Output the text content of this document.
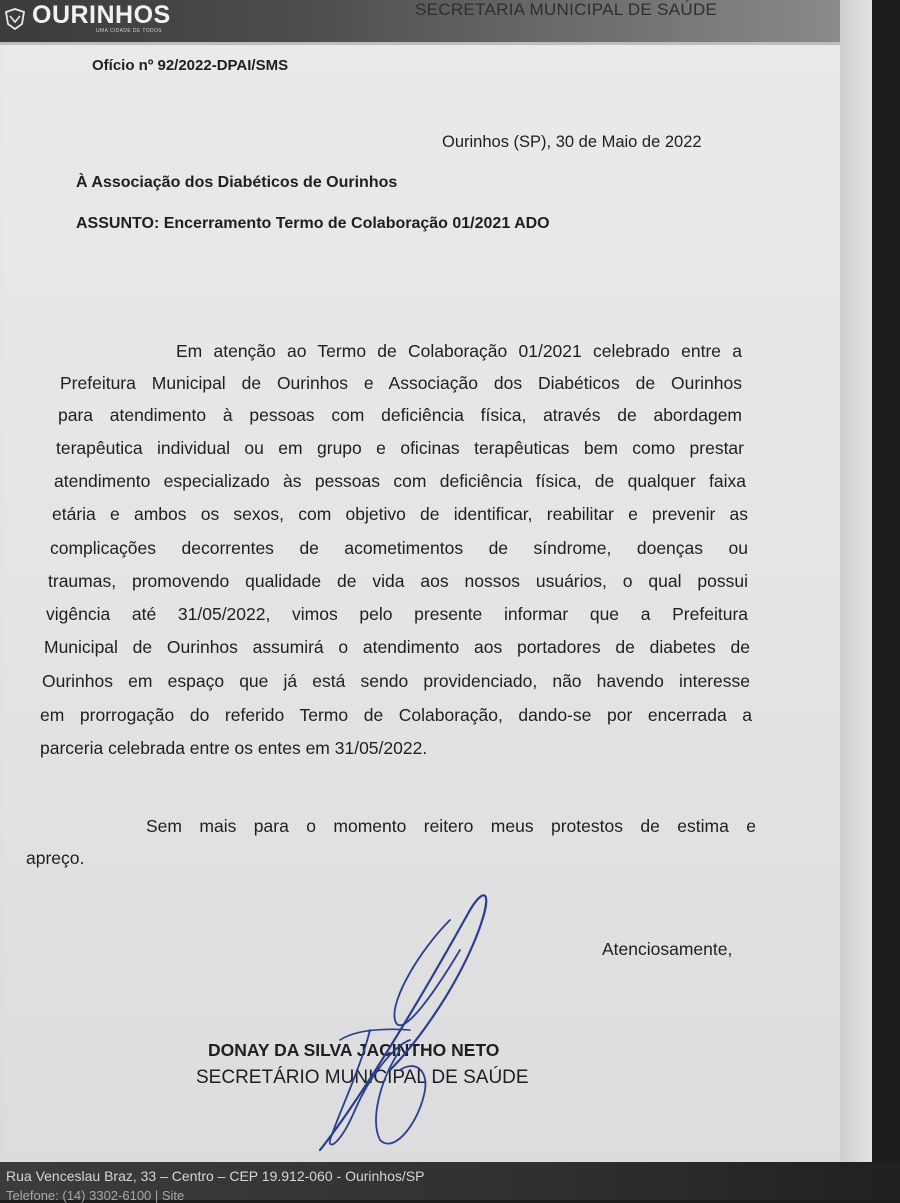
OURINHOS
UMA CIDADE DE TODOS
SECRETARIA MUNICIPAL DE SAÚDE
Ofício nº 92/2022-DPAI/SMS
Ourinhos (SP), 30 de Maio de 2022
À Associação dos Diabéticos de Ourinhos
ASSUNTO: Encerramento Termo de Colaboração 01/2021 ADO
Em atenção ao Termo de Colaboração 01/2021 celebrado entre a
Prefeitura Municipal de Ourinhos e Associação dos Diabéticos de Ourinhos
para atendimento à pessoas com deficiência física, através de abordagem
terapêutica individual ou em grupo e oficinas terapêuticas bem como prestar
atendimento especializado às pessoas com deficiência física, de qualquer faixa
etária e ambos os sexos, com objetivo de identificar, reabilitar e prevenir as
complicações decorrentes de acometimentos de síndrome, doenças ou
traumas, promovendo qualidade de vida aos nossos usuários, o qual possui
vigência até 31/05/2022, vimos pelo presente informar que a Prefeitura
Municipal de Ourinhos assumirá o atendimento aos portadores de diabetes de
Ourinhos em espaço que já está sendo providenciado, não havendo interesse
em prorrogação do referido Termo de Colaboração, dando-se por encerrada a
parceria celebrada entre os entes em 31/05/2022.
Sem mais para o momento reitero meus protestos de estima e
apreço.
Atenciosamente,
DONAY DA SILVA JACINTHO NETO
SECRETÁRIO MUNICIPAL DE SAÚDE
Rua Venceslau Braz, 33 – Centro – CEP 19.912-060 - Ourinhos/SP
Telefone: (14) 3302-6100 | Site
